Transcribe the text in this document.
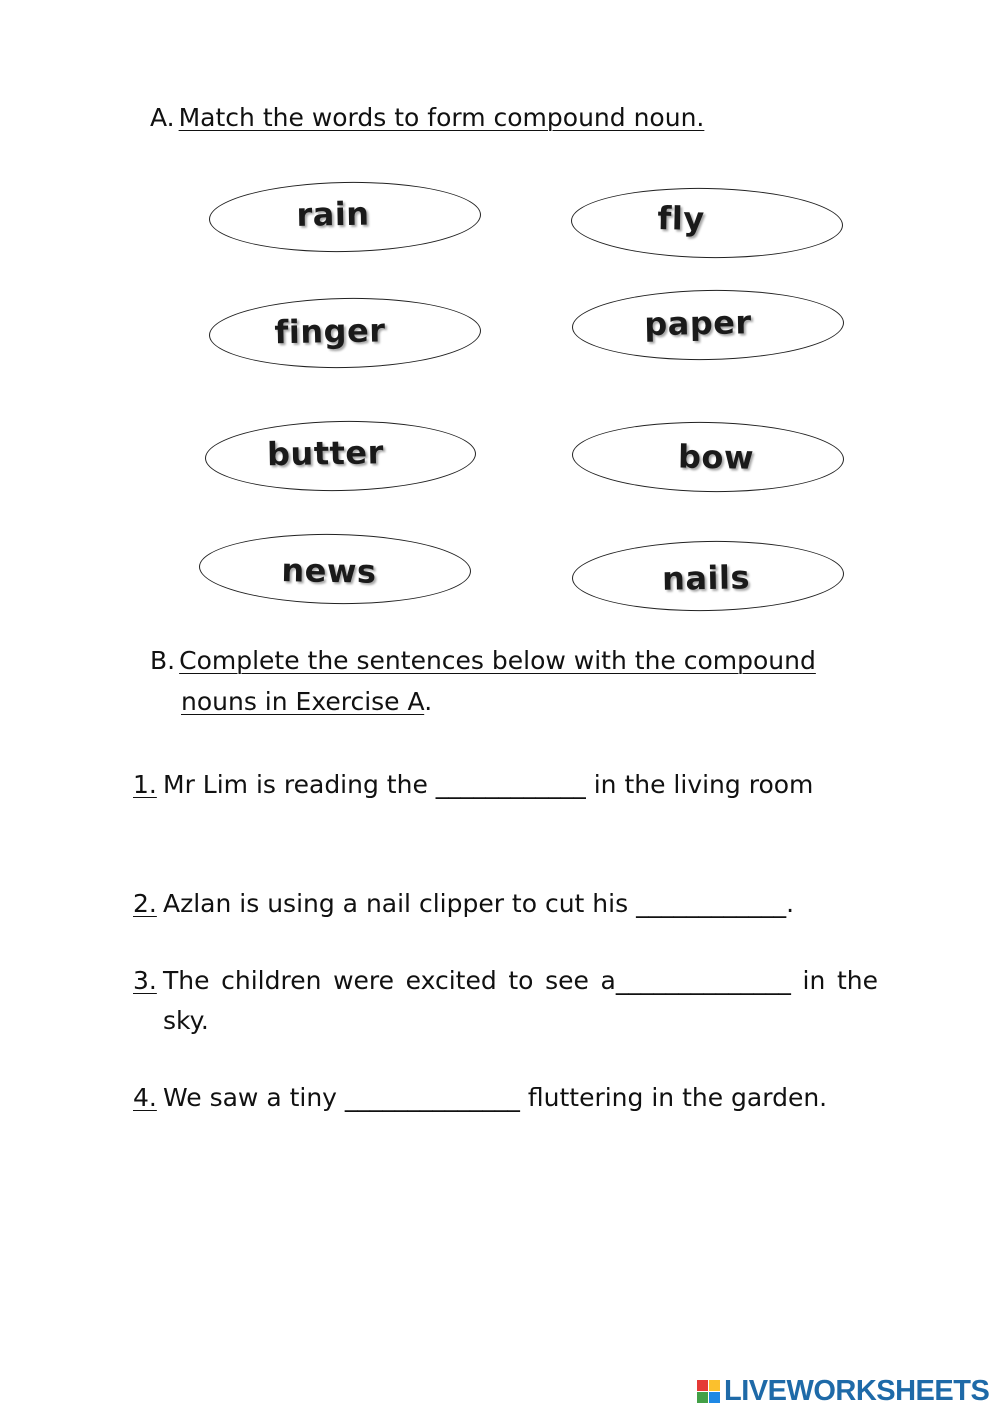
A. Match the words to form compound noun.
rain
finger
butter
news
fly
paper
bow
nails
B. Complete the sentences below with the compound
nouns in Exercise A.
1. Mr Lim is reading the ____________ in the living room
2. Azlan is using a nail clipper to cut his ____________.
3. The children were excited to see a______________ in the sky.
4. We saw a tiny ______________ fluttering in the garden.
LIVEWORKSHEETS
